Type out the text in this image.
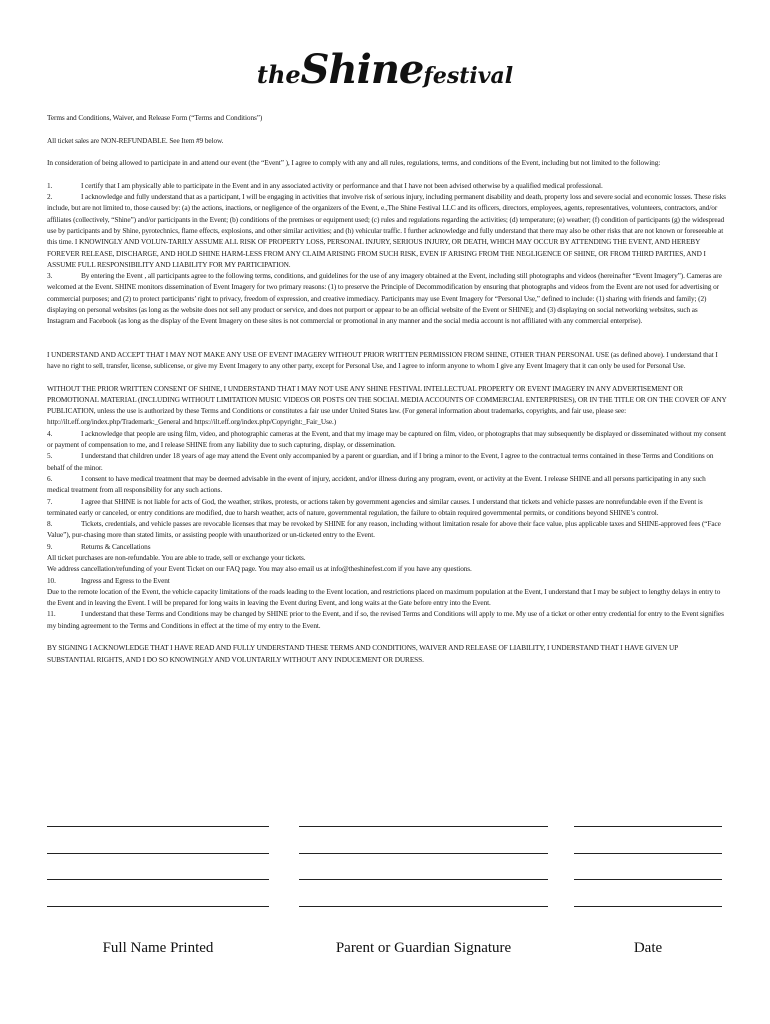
theShinefestival

Terms and Conditions, Waiver, and Release Form (“Terms and Conditions”)

All ticket sales are NON-REFUNDABLE. See Item #9 below.

In consideration of being allowed to participate in and attend our event (the “Event” ), I agree to comply with any and all rules, regulations, terms, and conditions of the Event, including but not limited to the following:

1.	I certify that I am physically able to participate in the Event and in any associated activity or performance and that I have not been advised otherwise by a qualified medical professional.

2.	I acknowledge and fully understand that as a participant, I will be engaging in activities that involve risk of serious injury, including permanent disability and death, property loss and severe social and economic losses. These risks include, but are not limited to, those caused by: (a) the actions, inactions, or negligence of the organizers of the Event, e.,The Shine Festival LLC and its officers, directors, employees, agents, representatives, volunteers, contractors, and/or affiliates (collectively, “Shine”) and/or participants in the Event; (b) conditions of the premises or equipment used; (c) rules and regulations regarding the activities; (d) temperature; (e) weather; (f) condition of participants (g) the widespread use by participants and by Shine, pyrotechnics, flame effects, explosions, and other similar activities; and (h) vehicular traffic. I further acknowledge and fully understand that there may also be other risks that are not known or foreseeable at this time. I KNOWINGLY AND VOLUN-TARILY ASSUME ALL RISK OF PROPERTY LOSS, PERSONAL INJURY, SERIOUS INJURY, OR DEATH, WHICH MAY OCCUR BY ATTENDING THE EVENT, AND HEREBY FOREVER RELEASE, DISCHARGE, AND HOLD SHINE HARM-LESS FROM ANY CLAIM ARISING FROM SUCH RISK, EVEN IF ARISING FROM THE NEGLIGENCE OF SHINE, OR FROM THIRD PARTIES, AND I ASSUME FULL RESPONSIBILITY AND LIABILITY FOR MY PARTICIPATION.

3.	By entering the Event , all participants agree to the following terms, conditions, and guidelines for the use of any imagery obtained at the Event, including still photographs and videos (hereinafter “Event Imagery”). Cameras are welcomed at the Event. SHINE monitors dissemination of Event Imagery for two primary reasons: (1) to preserve the Principle of Decommodification by ensuring that photographs and videos from the Event are not used for advertising or commercial purposes; and (2) to protect participants’ right to privacy, freedom of expression, and creative immediacy. Participants may use Event Imagery for “Personal Use,” defined to include: (1) sharing with friends and family; (2) displaying on personal websites (as long as the website does not sell any product or service, and does not purport or appear to be an official website of the Event or SHINE); and (3) displaying on social networking websites, such as Instagram and Facebook (as long as the display of the Event Imagery on these sites is not commercial or promotional in any manner and the social media account is not affiliated with any commercial enterprise).

I UNDERSTAND AND ACCEPT THAT I MAY NOT MAKE ANY USE OF EVENT IMAGERY WITHOUT PRIOR WRITTEN PERMISSION FROM SHINE, OTHER THAN PERSONAL USE (as defined above). I understand that I have no right to sell, transfer, license, sublicense, or give my Event Imagery to any other party, except for Personal Use, and I agree to inform anyone to whom I give any Event Imagery that it can only be used for Personal Use.

WITHOUT THE PRIOR WRITTEN CONSENT OF SHINE, I UNDERSTAND THAT I MAY NOT USE ANY SHINE FESTIVAL INTELLECTUAL PROPERTY OR EVENT IMAGERY IN ANY ADVERTISEMENT OR PROMOTIONAL MATERIAL (INCLUDING WITHOUT LIMITATION MUSIC VIDEOS OR POSTS ON THE SOCIAL MEDIA ACCOUNTS OF COMMERCIAL ENTERPRISES), OR IN THE TITLE OR ON THE COVER OF ANY PUBLICATION, unless the use is authorized by these Terms and Conditions or constitutes a fair use under United States law. (For general information about trademarks, copyrights, and fair use, please see: http://ilt.eff.org/index.php/Trademark:_General and https://ilt.eff.org/index.php/Copyright:_Fair_Use.)

4.	I acknowledge that people are using film, video, and photographic cameras at the Event, and that my image may be captured on film, video, or photographs that may subsequently be displayed or disseminated without my consent or payment of compensation to me, and I release SHINE from any liability due to such capturing, display, or dissemination.

5.	I understand that children under 18 years of age may attend the Event only accompanied by a parent or guardian, and if I bring a minor to the Event, I agree to the contractual terms contained in these Terms and Conditions on behalf of the minor.

6.	I consent to have medical treatment that may be deemed advisable in the event of injury, accident, and/or illness during any program, event, or activity at the Event. I release SHINE and all persons participating in any such medical treatment from all responsibility for any such actions.

7.	I agree that SHINE is not liable for acts of God, the weather, strikes, protests, or actions taken by government agencies and similar causes. I understand that tickets and vehicle passes are nonrefundable even if the Event is terminated early or canceled, or entry conditions are modified, due to harsh weather, acts of nature, governmental regulation, the failure to obtain required governmental permits, or conditions beyond SHINE’s control.

8.	Tickets, credentials, and vehicle passes are revocable licenses that may be revoked by SHINE for any reason, including without limitation resale for above their face value, plus applicable taxes and SHINE-approved fees (“Face Value”), pur-chasing more than stated limits, or assisting people with unauthorized or un-ticketed entry to the Event.

9.	Returns & Cancellations

All ticket purchases are non-refundable. You are able to trade, sell or exchange your tickets.

We address cancellation/refunding of your Event Ticket on our FAQ page. You may also email us at info@theshinefest.com if you have any questions.

10.	Ingress and Egress to the Event

Due to the remote location of the Event, the vehicle capacity limitations of the roads leading to the Event location, and restrictions placed on maximum population at the Event, I understand that I may be subject to lengthy delays in entry to the Event and in leaving the Event. I will be prepared for long waits in leaving the Event during Event, and long waits at the Gate before entry into the Event.

11.	I understand that these Terms and Conditions may be changed by SHINE prior to the Event, and if so, the revised Terms and Conditions will apply to me. My use of a ticket or other entry credential for entry to the Event signifies my binding agreement to the Terms and Conditions in effect at the time of my entry to the Event.

BY SIGNING I ACKNOWLEDGE THAT I HAVE READ AND FULLY UNDERSTAND THESE TERMS AND CONDITIONS, WAIVER AND RELEASE OF LIABILITY, I UNDERSTAND THAT I HAVE GIVEN UP SUBSTANTIAL RIGHTS, AND I DO SO KNOWINGLY AND VOLUNTARILY WITHOUT ANY INDUCEMENT OR DURESS.

Full Name Printed	Parent or Guardian Signature	Date
